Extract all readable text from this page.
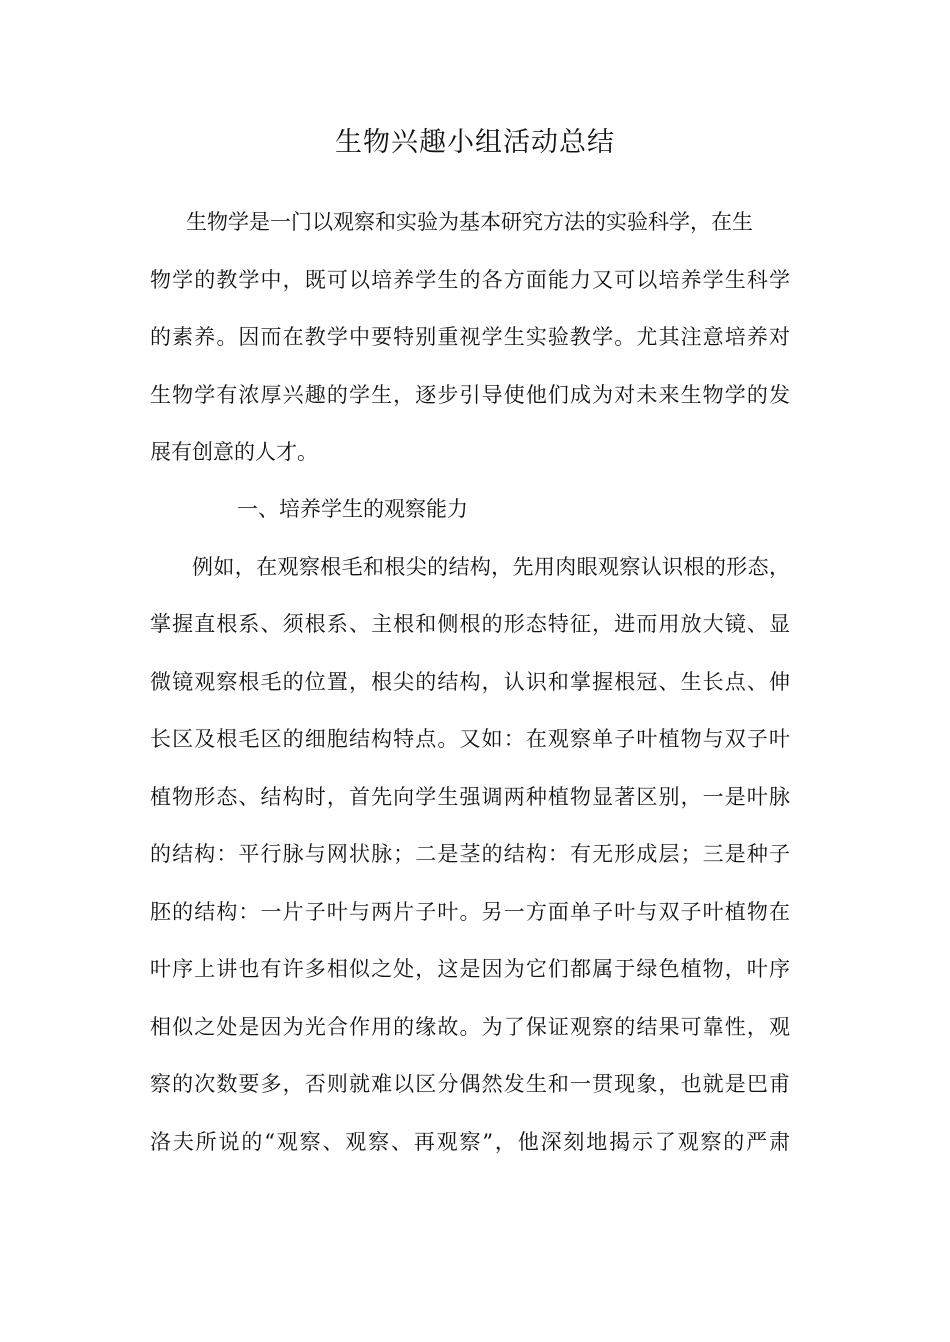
生物兴趣小组活动总结

生物学是一门以观察和实验为基本研究方法的实验科学，在生

物学的教学中，既可以培养学生的各方面能力又可以培养学生科学

的素养。因而在教学中要特别重视学生实验教学。尤其注意培养对

生物学有浓厚兴趣的学生，逐步引导使他们成为对未来生物学的发

展有创意的人才。

一、培养学生的观察能力

例如，在观察根毛和根尖的结构，先用肉眼观察认识根的形态，

掌握直根系、须根系、主根和侧根的形态特征，进而用放大镜、显

微镜观察根毛的位置，根尖的结构，认识和掌握根冠、生长点、伸

长区及根毛区的细胞结构特点。又如：在观察单子叶植物与双子叶

植物形态、结构时，首先向学生强调两种植物显著区别，一是叶脉

的结构：平行脉与网状脉；二是茎的结构：有无形成层；三是种子

胚的结构：一片子叶与两片子叶。另一方面单子叶与双子叶植物在

叶序上讲也有许多相似之处，这是因为它们都属于绿色植物，叶序

相似之处是因为光合作用的缘故。为了保证观察的结果可靠性，观

察的次数要多，否则就难以区分偶然发生和一贯现象，也就是巴甫

洛夫所说的“观察、观察、再观察”，他深刻地揭示了观察的严肃
